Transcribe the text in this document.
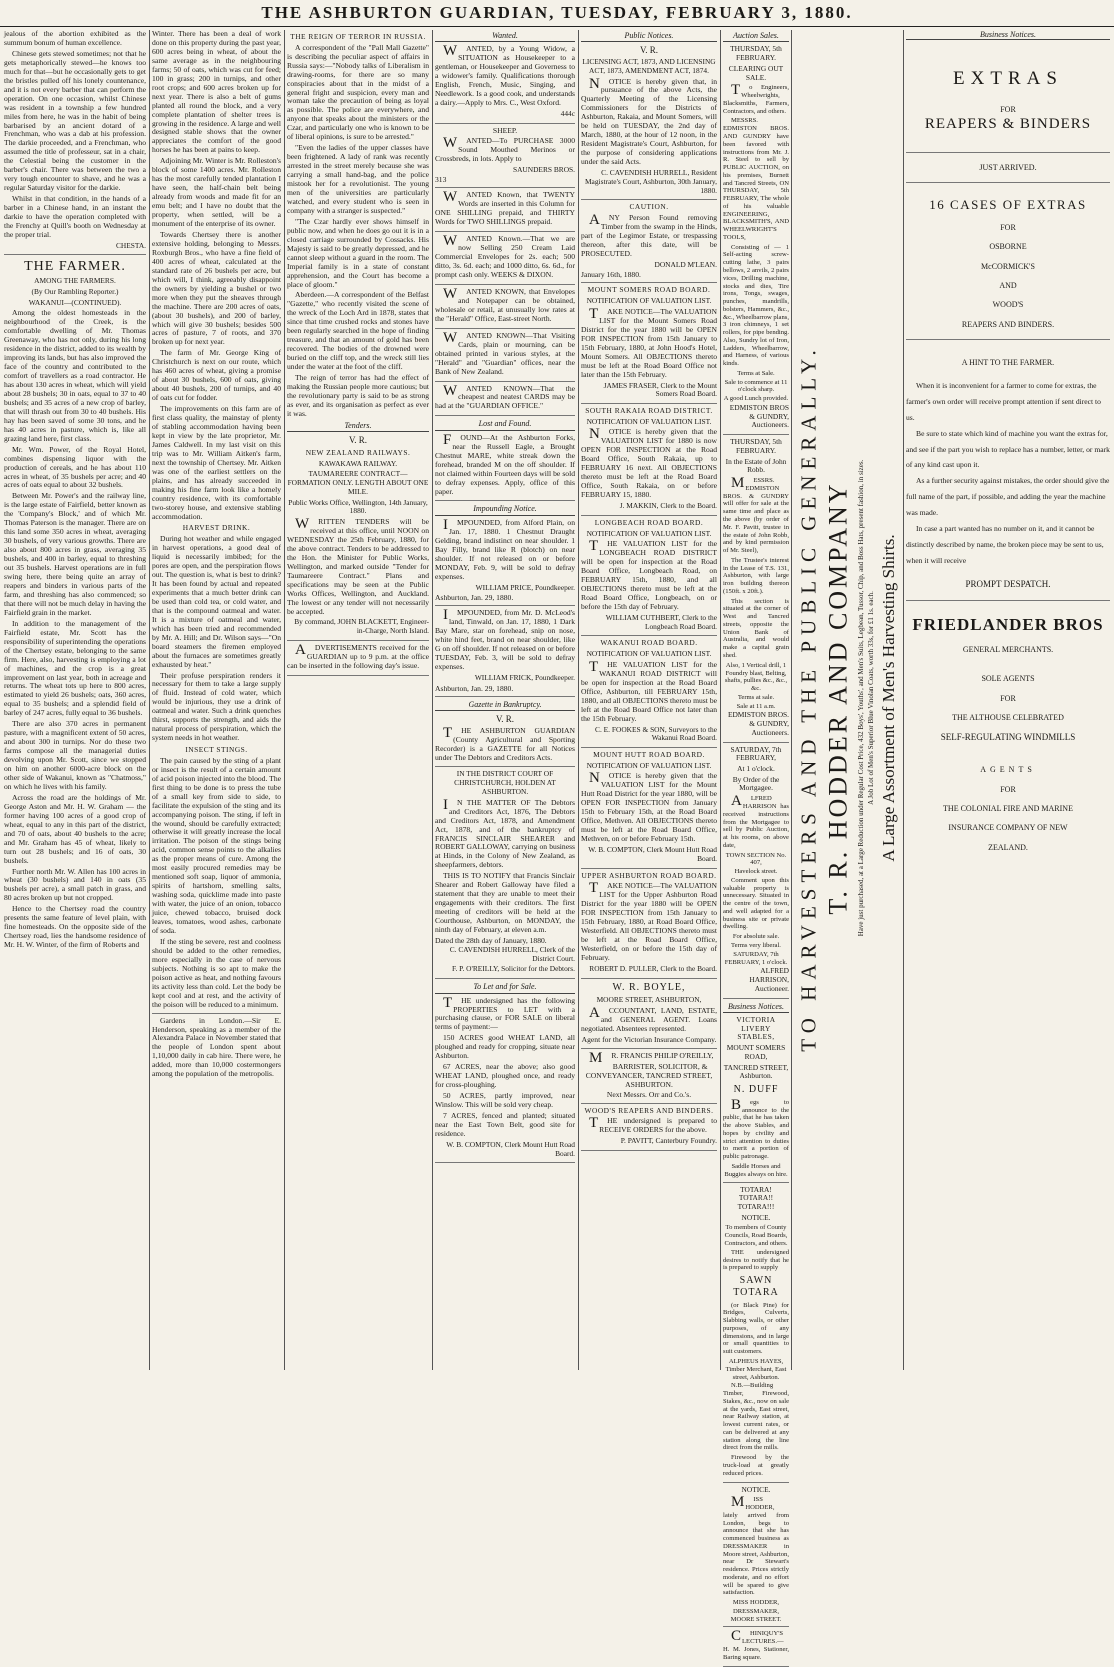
THE ASHBURTON GUARDIAN, TUESDAY, FEBRUARY 3, 1880.

jealous of the abortion exhibited as the summum bonum of human excellence.

Chinese gets stewed sometimes; not that he gets metaphorically stewed—he knows too much for that—but he occasionally gets to get the bristles pulled off his lonely countenance, and it is not every barber that can perform the operation. On one occasion, whilst Chinese was resident in a township a few hundred miles from here, he was in the habit of being barbarised by an ancient dotard of a Frenchman, who was a dab at his profession. The darkie proceeded, and a Frenchman, who assumed the title of professeur, sat in a chair, the Celestial being the customer in the barber's chair. There was between the two a very tough encounter to shave, and he was a regular Saturday visitor for the darkie.

Whilst in that condition, in the hands of a barber in a Chinese hand, in an instant the darkie to have the operation completed with the Frenchy at Quill's booth on Wednesday at the proper trial.

CHESTA.
THE FARMER.
AMONG THE FARMERS.
(By Our Rambling Reporter.)
WAKANUI—(CONTINUED).

Among the oldest homesteads in the neighbourhood of the Creek, is the comfortable dwelling of Mr. Thomas Greenaway, who has not only, during his long residence in the district, added to its wealth by improving its lands, but has also improved the face of the country and contributed to the comfort of travellers as a road contractor. He has about 130 acres in wheat, which will yield about 28 bushels; 30 in oats, equal to 37 to 40 bushels; and 35 acres of a new crop of barley, that will thrash out from 30 to 40 bushels. His hay has been saved of some 30 tons, and he has 40 acres in pasture, which is, like all grazing land here, first class.

Mr. Wm. Power, of the Royal Hotel, combines dispensing liquor with the production of cereals, and he has about 110 acres in wheat, of 35 bushels per acre; and 40 acres of oats equal to about 32 bushels.

Between Mr. Power's and the railway line, is the large estate of Fairfield, better known as the 'Company's Block,' and of which Mr. Thomas Paterson is the manager. There are on this land some 350 acres in wheat, averaging 30 bushels, of very various growths. There are also about 800 acres in grass, averaging 35 bushels, and 400 in barley, equal to threshing out 35 bushels. Harvest operations are in full swing here, there being quite an array of reapers and binders in various parts of the farm, and threshing has also commenced; so that there will not be much delay in having the Fairfield grain in the market.

In addition to the management of the Fairfield estate, Mr. Scott has the responsibility of superintending the operations of the Chertsey estate, belonging to the same firm. Here, also, harvesting is employing a lot of machines, and the crop is a great improvement on last year, both in acreage and returns. The wheat tots up here to 800 acres, estimated to yield 26 bushels; oats, 360 acres, equal to 35 bushels; and a splendid field of barley of 247 acres, fully equal to 36 bushels.

There are also 370 acres in permanent pasture, with a magnificent extent of 50 acres, and about 300 in turnips. Nor do these two farms compose all the managerial duties devolving upon Mr. Scott, since we stopped on him on another 6000-acre block on the other side of Wakanui, known as "Chatmoss," on which he lives with his family.

Across the road are the holdings of Mr. George Aston and Mr. H. W. Graham — the former having 100 acres of a good crop of wheat, equal to any in this part of the district, and 70 of oats, about 40 bushels to the acre; and Mr. Graham has 45 of wheat, likely to turn out 28 bushels; and 16 of oats, 30 bushels.

Further north Mr. W. Allen has 100 acres in wheat (30 bushels) and 140 in oats (35 bushels per acre), a small patch in grass, and 80 acres broken up but not cropped.

Hence to the Chertsey road the country presents the same feature of level plain, with fine homesteads. On the opposite side of the Chertsey road, lies the handsome residence of Mr. H. W. Winter, of the firm of Roberts and

Winter. There has been a deal of work done on this property during the past year, 600 acres being in wheat, of about the same average as in the neighbouring farms; 50 of oats, which was cut for feed; 100 in grass; 200 in turnips, and other root crops; and 600 acres broken up for next year. There is also a belt of gums planted all round the block, and a very complete plantation of shelter trees is growing in the residence. A large and well designed stable shows that the owner appreciates the comfort of the good horses he has been at pains to keep.

Adjoining Mr. Winter is Mr. Rolleston's block of some 1400 acres. Mr. Rolleston has the most carefully tended plantation I have seen, the half-chain belt being already from woods and made fit for an emu belt; and I have no doubt that the property, when settled, will be a monument of the enterprise of its owner.

Towards Chertsey there is another extensive holding, belonging to Messrs. Roxburgh Bros., who have a fine field of 400 acres of wheat, calculated at the standard rate of 26 bushels per acre, but which will, I think, agreeably disappoint the owners by yielding a bushel or two more when they put the sheaves through the machine. There are 200 acres of oats, (about 30 bushels), and 200 of barley, which will give 30 bushels; besides 500 acres of pasture, 7 of roots, and 370 broken up for next year.

The farm of Mr. George King of Christchurch is next on our route, which has 460 acres of wheat, giving a promise of about 30 bushels, 600 of oats, giving about 40 bushels, 200 of turnips, and 40 of oats cut for fodder.

The improvements on this farm are of first class quality, the mainstay of plenty of stabling accommodation having been kept in view by the late proprietor, Mr. James Caldwell. In my last visit on this trip was to Mr. William Aitken's farm, next the township of Chertsey. Mr. Aitken was one of the earliest settlers on the plains, and has already succeeded in making his fine farm look like a homely country residence, with its comfortable two-storey house, and extensive stabling accommodation.

HARVEST DRINK.

During hot weather and while engaged in harvest operations, a good deal of liquid is necessarily imbibed; for the pores are open, and the perspiration flows out. The question is, what is best to drink? It has been found by actual and repeated experiments that a much better drink can be used than cold tea, or cold water, and that is the compound oatmeal and water. It is a mixture of oatmeal and water, which has been tried and recommended by Mr. A. Hill; and Dr. Wilson says—"On board steamers the firemen employed about the furnaces are sometimes greatly exhausted by heat."

Their profuse perspiration renders it necessary for them to take a large supply of fluid. Instead of cold water, which would be injurious, they use a drink of oatmeal and water. Such a drink quenches thirst, supports the strength, and aids the natural process of perspiration, which the system needs in hot weather.

INSECT STINGS.

The pain caused by the sting of a plant or insect is the result of a certain amount of acid poison injected into the blood. The first thing to be done is to press the tube of a small key from side to side, to facilitate the expulsion of the sting and its accompanying poison. The sting, if left in the wound, should be carefully extracted; otherwise it will greatly increase the local irritation. The poison of the stings being acid, common sense points to the alkalies as the proper means of cure. Among the most easily procured remedies may be mentioned soft soap, liquor of ammonia, spirits of hartshorn, smelling salts, washing soda, quicklime made into paste with water, the juice of an onion, tobacco juice, chewed tobacco, bruised dock leaves, tomatoes, wood ashes, carbonate of soda.

If the sting be severe, rest and coolness should be added to the other remedies, more especially in the case of nervous subjects. Nothing is so apt to make the poison active as heat, and nothing favours its activity less than cold. Let the body be kept cool and at rest, and the activity of the poison will be reduced to a minimum.

Gardens in London.—Sir E. Henderson, speaking as a member of the Alexandra Palace in November stated that the people of London spent about 1,10,000 daily in cab hire. There were, he added, more than 10,000 costermongers among the population of the metropolis.

THE REIGN OF TERROR IN RUSSIA.

A correspondent of the "Pall Mall Gazette" is describing the peculiar aspect of affairs in Russia says:—"Nobody talks of Liberalism in drawing-rooms, for there are so many conspiracies about that in the midst of a general fright and suspicion, every man and woman take the precaution of being as loyal as possible. The police are everywhere, and anyone that speaks about the ministers or the Czar, and particularly one who is known to be of liberal opinions, is sure to be arrested."

"Even the ladies of the upper classes have been frightened. A lady of rank was recently arrested in the street merely because she was carrying a small hand-bag, and the police mistook her for a revolutionist. The young men of the universities are particularly watched, and every student who is seen in company with a stranger is suspected."

"The Czar hardly ever shows himself in public now, and when he does go out it is in a closed carriage surrounded by Cossacks. His Majesty is said to be greatly depressed, and he cannot sleep without a guard in the room. The Imperial family is in a state of constant apprehension, and the Court has become a place of gloom."

Aberdeen.—A correspondent of the Belfast "Gazette," who recently visited the scene of the wreck of the Loch Ard in 1878, states that since that time crushed rocks and stones have been regularly searched in the hope of finding treasure, and that an amount of gold has been recovered. The bodies of the drowned were buried on the cliff top, and the wreck still lies under the water at the foot of the cliff.

The reign of terror has had the effect of making the Russian people more cautious; but the revolutionary party is said to be as strong as ever, and its organisation as perfect as ever it was.

Tenders.
V. R.
NEW ZEALAND RAILWAYS.
KAWAKAWA RAILWAY.
TAUMAREERE CONTRACT—FORMATION ONLY. LENGTH ABOUT ONE MILE.
Public Works Office, Wellington, 14th January, 1880.

WRITTEN TENDERS will be received at this office, until NOON on WEDNESDAY the 25th February, 1880, for the above contract. Tenders to be addressed to the Hon. the Minister for Public Works, Wellington, and marked outside "Tender for Taumareere Contract." Plans and specifications may be seen at the Public Works Offices, Wellington, and Auckland. The lowest or any tender will not necessarily be accepted.

By command, JOHN BLACKETT, Engineer-in-Charge, North Island.

ADVERTISEMENTS received for the GUARDIAN up to 9 p.m. at the office can be inserted in the following day's issue.

Wanted.

WANTED, by a Young Widow, a SITUATION as Housekeeper to a gentleman, or Housekeeper and Governess to a widower's family. Qualifications thorough English, French, Music, Singing, and Needlework. Is a good cook, and understands a dairy.—Apply to Mrs. C., West Oxford.

444c
SHEEP.

WANTED—To PURCHASE 3000 Sound Mouthed Merinos or Crossbreds, in lots. Apply to

SAUNDERS BROS.
313

WANTED Known, that TWENTY Words are inserted in this Column for ONE SHILLING prepaid, and THIRTY Words for TWO SHILLINGS prepaid.

WANTED Known.—That we are now Selling 250 Cream Laid Commercial Envelopes for 2s. each; 500 ditto, 3s. 6d. each; and 1000 ditto, 6s. 6d., for prompt cash only. WEEKS & DIXON.

WANTED KNOWN, that Envelopes and Notepaper can be obtained, wholesale or retail, at unusually low rates at the "Herald" Office, East-street North.

WANTED KNOWN—That Visiting Cards, plain or mourning, can be obtained printed in various styles, at the "Herald" and "Guardian" offices, near the Bank of New Zealand.

WANTED KNOWN—That the cheapest and neatest CARDS may be had at the "GUARDIAN OFFICE."

Lost and Found.

FOUND—At the Ashburton Forks, near the Russell Eagle, a Brought Chestnut MARE, white streak down the forehead, branded M on the off shoulder. If not claimed within Fourteen days will be sold to defray expenses. Apply, office of this paper.

Impounding Notice.

IMPOUNDED, from Alford Plain, on Jan. 17, 1880. 1 Chestnut Draught Gelding, brand indistinct on near shoulder. 1 Bay Filly, brand like R (blotch) on near shoulder. If not released on or before MONDAY, Feb. 9, will be sold to defray expenses.

WILLIAM PRICE, Poundkeeper.
Ashburton, Jan. 29, 1880.

IMPOUNDED, from Mr. D. McLeod's land, Tinwald, on Jan. 17, 1880, 1 Dark Bay Mare, star on forehead, snip on nose, white hind feet, brand on near shoulder, like G on off shoulder. If not released on or before TUESDAY, Feb. 3, will be sold to defray expenses.

WILLIAM FRICK, Poundkeeper.
Ashburton, Jan. 29, 1880.
Gazette in Bankruptcy.
V. R.

THE ASHBURTON GUARDIAN (County Agricultural and Sporting Recorder) is a GAZETTE for all Notices under The Debtors and Creditors Acts.

IN THE DISTRICT COURT OF CHRISTCHURCH, HOLDEN AT ASHBURTON.

IN THE MATTER OF The Debtors and Creditors Act, 1876, The Debtors and Creditors Act, 1878, and Amendment Act, 1878, and of the bankruptcy of FRANCIS SINCLAIR SHEARER and ROBERT GALLOWAY, carrying on business at Hinds, in the Colony of New Zealand, as sheepfarmers, debtors.

THIS IS TO NOTIFY that Francis Sinclair Shearer and Robert Galloway have filed a statement that they are unable to meet their engagements with their creditors. The first meeting of creditors will be held at the Courthouse, Ashburton, on MONDAY, the ninth day of February, at eleven a.m.

Dated the 28th day of January, 1880.
C. CAVENDISH HURRELL, Clerk of the District Court.
F. P. O'REILLY, Solicitor for the Debtors.
To Let and for Sale.

THE undersigned has the following PROPERTIES to LET with a purchasing clause, or FOR SALE on liberal terms of payment:—

150 ACRES good WHEAT LAND, all ploughed and ready for cropping, situate near Ashburton.

67 ACRES, near the above; also good WHEAT LAND, ploughed once, and ready for cross-ploughing.

50 ACRES, partly improved, near Winslow. This will be sold very cheap.

7 ACRES, fenced and planted; situated near the East Town Belt, good site for residence.

W. B. COMPTON, Clerk Mount Hutt Road Board.
Public Notices.
V. R.
LICENSING ACT, 1873, AND LICENSING ACT, 1873, AMENDMENT ACT, 1874.

NOTICE is hereby given that, in pursuance of the above Acts, the Quarterly Meeting of the Licensing Commissioners for the Districts of Ashburton, Rakaia, and Mount Somers, will be held on TUESDAY, the 2nd day of March, 1880, at the hour of 12 noon, in the Resident Magistrate's Court, Ashburton, for the purpose of considering applications under the said Acts.

C. CAVENDISH HURRELL, Resident Magistrate's Court, Ashburton, 30th January, 1880.
CAUTION.

ANY Person Found removing Timber from the swamp in the Hinds, part of the Legimor Estate, or trespassing thereon, after this date, will be PROSECUTED.

DONALD M'LEAN.
January 16th, 1880.
MOUNT SOMERS ROAD BOARD.
NOTIFICATION OF VALUATION LIST.

TAKE NOTICE—The VALUATION LIST for the Mount Somers Road District for the year 1880 will be OPEN FOR INSPECTION from 15th January to 15th February, 1880, at John Hood's Hotel, Mount Somers. All OBJECTIONS thereto must be left at the Road Board Office not later than the 15th February.

JAMES FRASER, Clerk to the Mount Somers Road Board.
SOUTH RAKAIA ROAD DISTRICT.
NOTIFICATION OF VALUATION LIST.

NOTICE is hereby given that the VALUATION LIST for 1880 is now OPEN FOR INSPECTION at the Road Board Office, South Rakaia, up to FEBRUARY 16 next. All OBJECTIONS thereto must be left at the Road Board Office, South Rakaia, on or before FEBRUARY 15, 1880.

J. MAKKIN, Clerk to the Board.
LONGBEACH ROAD BOARD.
NOTIFICATION OF VALUATION LIST.

THE VALUATION LIST for the LONGBEACH ROAD DISTRICT will be open for inspection at the Road Board Office, Longbeach Road, on FEBRUARY 15th, 1880, and all OBJECTIONS thereto must be left at the Road Board Office, Longbeach, on or before the 15th day of February.

WILLIAM CUTHBERT, Clerk to the Longbeach Road Board.
WAKANUI ROAD BOARD.
NOTIFICATION OF VALUATION LIST.

THE VALUATION LIST for the WAKANUI ROAD DISTRICT will be open for inspection at the Road Board Office, Ashburton, till FEBRUARY 15th, 1880, and all OBJECTIONS thereto must be left at the Road Board Office not later than the 15th February.

C. E. FOOKES & SON, Surveyors to the Wakanui Road Board.
MOUNT HUTT ROAD BOARD.
NOTIFICATION OF VALUATION LIST.

NOTICE is hereby given that the VALUATION LIST for the Mount Hutt Road District for the year 1880, will be OPEN FOR INSPECTION from January 15th to February 15th, at the Road Board Office, Methven. All OBJECTIONS thereto must be left at the Road Board Office, Methven, on or before February 15th.

W. B. COMPTON, Clerk Mount Hutt Road Board.
UPPER ASHBURTON ROAD BOARD.

TAKE NOTICE—The VALUATION LIST for the Upper Ashburton Road District for the year 1880 will be OPEN FOR INSPECTION from 15th January to 15th February, 1880, at Road Board Office, Westerfield. All OBJECTIONS thereto must be left at the Road Board Office, Westerfield, on or before the 15th day of February.

ROBERT D. PULLER, Clerk to the Board.
W. R. BOYLE,
MOORE STREET, ASHBURTON,

ACCOUNTANT, LAND, ESTATE, and GENERAL AGENT. Loans negotiated. Absentees represented.

Agent for the Victorian Insurance Company.

MR. FRANCIS PHILIP O'REILLY,

BARRISTER, SOLICITOR, & CONVEYANCER, TANCRED STREET, ASHBURTON.
Next Messrs. Orr and Co.'s.
WOOD'S REAPERS AND BINDERS.

THE undersigned is prepared to RECEIVE ORDERS for the above.

P. PAVITT, Canterbury Foundry.
Auction Sales.
THURSDAY, 5th FEBRUARY.
CLEARING OUT SALE.

To Engineers, Wheelwrights, Blacksmiths, Farmers, Contractors, and others.

MESSRS. EDMISTON BROS. AND GUNDRY have been favored with instructions from Mr. J. R. Steel to sell by PUBLIC AUCTION, on his premises, Burnett and Tancred Streets, ON THURSDAY, 5th FEBRUARY, The whole of his valuable ENGINEERING, BLACKSMITH'S, AND WHEELWRIGHT'S TOOLS,

Consisting of — 1 Self-acting screw-cutting lathe, 3 pairs bellows, 2 anvils, 2 pairs vices, Drilling machine, stocks and dies, Tire irons, Tongs, swages, punches, mandrills, bolsters, Hammers, &c., &c., Wheelbarrow plans, 3 iron chimneys, 1 set rollers, for pipe bending. Also, Sundry lot of Iron, Ladders, Wheelbarrow, and Harness, of various kinds.

Terms at Sale.
Sale to commence at 11 o'clock sharp.
A good Lunch provided.
EDMISTON BROS & GUNDRY, Auctioneers.
THURSDAY, 5th FEBRUARY.
In the Estate of John Robb.

MESSRS. EDMISTON BROS. & GUNDRY will offer for sale at the same time and place as the above (by order of Mr. F. Pavitt, trustee in the estate of John Robb, and by kind permission of Mr. Steel),

The Trustee's interest in the Lease of T.S. 131, Ashburton, with large iron building thereon (150ft. x 20ft.).

This section is situated at the corner of West and Tancred streets, opposite the Union Bank of Australia, and would make a capital grain shed.

Also, 1 Vertical drill, 1 Foundry blast, Belting, shafts, pullies &c., &c., &c.
Terms at sale.
Sale at 11 a.m.
EDMISTON BROS. & GUNDRY, Auctioneers.
SATURDAY, 7th FEBRUARY,
At 1 o'clock.
By Order of the Mortgagee.

ALFRED HARRISON has received instructions from the Mortgagee to sell by Public Auction, at his rooms, on above date,

TOWN SECTION No. 407,
Havelock street.

Comment upon this valuable property is unnecessary. Situated in the centre of the town, and well adapted for a business site or private dwelling.

For absolute sale.
Terms very liberal.
SATURDAY, 7th FEBRUARY, 1 o'clock.
ALFRED HARRISON, Auctioneer.
Business Notices.
VICTORIA LIVERY STABLES,
MOUNT SOMERS ROAD,
TANCRED STREET, Ashburton.
N. DUFF

Begs to announce to the public, that he has taken the above Stables, and hopes by civility and strict attention to duties to merit a portion of public patronage.

Saddle Horses and Buggies always on hire.
TOTARA! TOTARA!! TOTARA!!!
NOTICE.
To members of County Councils, Road Boards, Contractors, and others.

THE undersigned desires to notify that he is prepared to supply

SAWN TOTARA

(or Black Pine) for Bridges, Culverts, Slabbing walls, or other purposes, of any dimensions, and in large or small quantities to suit customers.

ALPHEUS HAYES, Timber Merchant, East street, Ashburton.

N.B.—Building Timber, Firewood, Stakes, &c., now on sale at the yards, East street, near Railway station, at lowest current rates, or can be delivered at any station along the line direct from the mills.

Firewood by the truck-load at greatly reduced prices.

NOTICE.

MISS HODDER, lately arrived from London, begs to announce that she has commenced business as DRESSMAKER in Moore street, Ashburton, near Dr Stewart's residence. Prices strictly moderate, and no effort will be spared to give satisfaction.

MISS HODDER,
DRESSMAKER, MOORE STREET.

CHINIQUY'S LECTURES.—H. M. Jones, Stationer, Baring square.

TO HARVESTERS AND THE PUBLIC GENERALLY. T. R. HODDER AND COMPANY Have just purchased, at a Large Reduction under Regular Cost Price, 432 Boys', Youths', and Men's Suits, Legbean, Tussor, Chip, and Boss Hats, present fashion, in sizes. A Job Lot of Men's Superior Blue Vinolan Coats, worth 33s, for £1 1s. each. A Large Assortment of Men's Harvesting Shirts.
Business Notices.
EXTRAS
FOR
REAPERS & BINDERS
JUST ARRIVED.
16 CASES OF EXTRAS
FOR
OSBORNE
McCORMICK'S
AND
WOOD'S
REAPERS AND BINDERS.
A HINT TO THE FARMER.
When it is inconvenient for a farmer to come for extras, the farmer's own order will receive prompt attention if sent direct to us.
Be sure to state which kind of machine you want the extras for, and see if the part you wish to replace has a number, letter, or mark of any kind cast upon it.
As a further security against mistakes, the order should give the full name of the part, if possible, and adding the year the machine was made.
In case a part wanted has no number on it, and it cannot be distinctly described by name, the broken piece may be sent to us, when it will receive
PROMPT DESPATCH.
FRIEDLANDER BROS
GENERAL MERCHANTS.
SOLE AGENTS
FOR
THE ALTHOUSE CELEBRATED
SELF-REGULATING WINDMILLS
AGENTS
FOR
THE COLONIAL FIRE AND MARINE
INSURANCE COMPANY OF NEW
ZEALAND.
